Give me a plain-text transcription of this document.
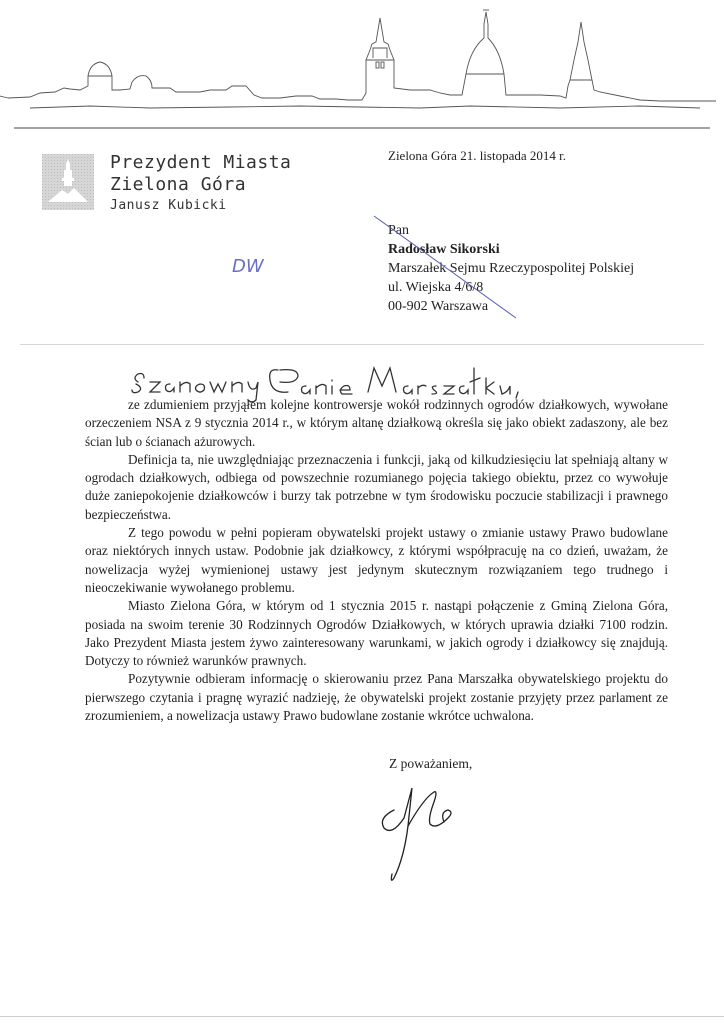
Prezydent Miasta
Zielona Góra
Janusz Kubicki
Zielona Góra 21. listopada 2014 r.
DW
Pan
Radosław Sikorski
Marszałek Sejmu Rzeczypospolitej Polskiej
ul. Wiejska 4/6/8
00-902 Warszawa

ze zdumieniem przyjąłem kolejne kontrowersje wokół rodzinnych ogrodów działkowych, wywołane orzeczeniem NSA z 9 stycznia 2014 r., w którym altanę działkową określa się jako obiekt zadaszony, ale bez ścian lub o ścianach ażurowych.

Definicja ta, nie uwzględniając przeznaczenia i funkcji, jaką od kilkudziesięciu lat spełniają altany w ogrodach działkowych, odbiega od powszechnie rozumianego pojęcia takiego obiektu, przez co wywołuje duże zaniepokojenie działkowców i burzy tak potrzebne w tym środowisku poczucie stabilizacji i prawnego bezpieczeństwa.

Z tego powodu w pełni popieram obywatelski projekt ustawy o zmianie ustawy Prawo budowlane oraz niektórych innych ustaw. Podobnie jak działkowcy, z którymi współpracuję na co dzień, uważam, że nowelizacja wyżej wymienionej ustawy jest jedynym skutecznym rozwiązaniem tego trudnego i nieoczekiwanie wywołanego problemu.

Miasto Zielona Góra, w którym od 1 stycznia 2015 r. nastąpi połączenie z Gminą Zielona Góra, posiada na swoim terenie 30 Rodzinnych Ogrodów Działkowych, w których uprawia działki 7100 rodzin. Jako Prezydent Miasta jestem żywo zainteresowany warunkami, w jakich ogrody i działkowcy się znajdują. Dotyczy to również warunków prawnych.

Pozytywnie odbieram informację o skierowaniu przez Pana Marszałka obywatelskiego projektu do pierwszego czytania i pragnę wyrazić nadzieję, że obywatelski projekt zostanie przyjęty przez parlament ze zrozumieniem, a nowelizacja ustawy Prawo budowlane zostanie wkrótce uchwalona.

Z poważaniem,
